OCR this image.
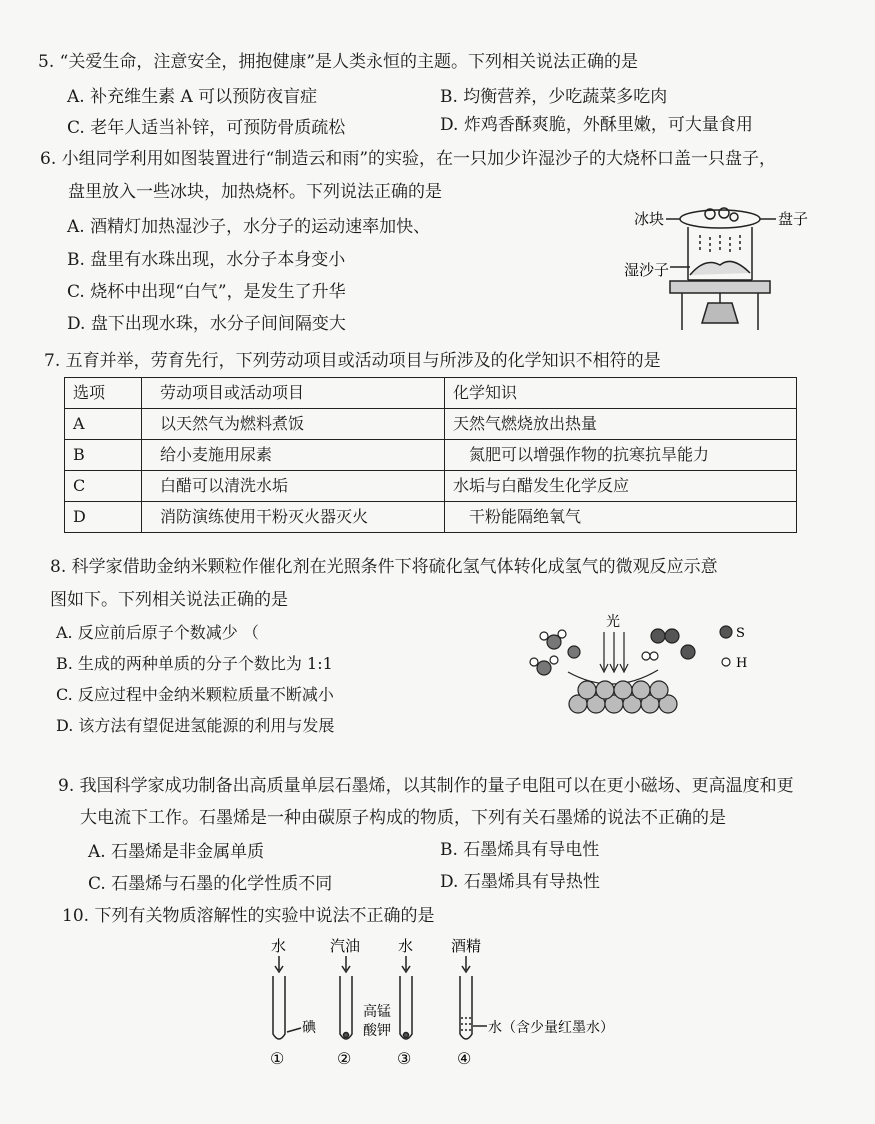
5. “关爱生命，注意安全，拥抱健康”是人类永恒的主题。下列相关说法正确的是
A. 补充维生素 A 可以预防夜盲症	B. 均衡营养，少吃蔬菜多吃肉
C. 老年人适当补锌，可预防骨质疏松	D. 炸鸡香酥爽脆，外酥里嫩，可大量食用
6. 小组同学利用如图装置进行“制造云和雨”的实验，在一只加少许湿沙子的大烧杯口盖一只盘子，
盘里放入一些冰块，加热烧杯。下列说法正确的是
A. 酒精灯加热湿沙子，水分子的运动速率加快、
B. 盘里有水珠出现，水分子本身变小
C. 烧杯中出现“白气”，是发生了升华
D. 盘下出现水珠，水分子间间隔变大
冰块	盘子
湿沙子
7. 五育并举，劳育先行，下列劳动项目或活动项目与所涉及的化学知识不相符的是
选项	劳动项目或活动项目	化学知识
A	以天然气为燃料煮饭	天然气燃烧放出热量
B	给小麦施用尿素	氮肥可以增强作物的抗寒抗旱能力
C	白醋可以清洗水垢	水垢与白醋发生化学反应
D	消防演练使用干粉灭火器灭火	干粉能隔绝氧气
8. 科学家借助金纳米颗粒作催化剂在光照条件下将硫化氢气体转化成氢气的微观反应示意
图如下。下列相关说法正确的是
A. 反应前后原子个数减少 （
B. 生成的两种单质的分子个数比为 1:1
C. 反应过程中金纳米颗粒质量不断减小
D. 该方法有望促进氢能源的利用与发展
光
S
H
9. 我国科学家成功制备出高质量单层石墨烯，以其制作的量子电阻可以在更小磁场、更高温度和更
大电流下工作。石墨烯是一种由碳原子构成的物质，下列有关石墨烯的说法不正确的是
A. 石墨烯是非金属单质	B. 石墨烯具有导电性
C. 石墨烯与石墨的化学性质不同	D. 石墨烯具有导热性
10. 下列有关物质溶解性的实验中说法不正确的是
水	汽油	水	酒精
碘
高锰
酸钾	水（含少量红墨水）
①	②	③	④
